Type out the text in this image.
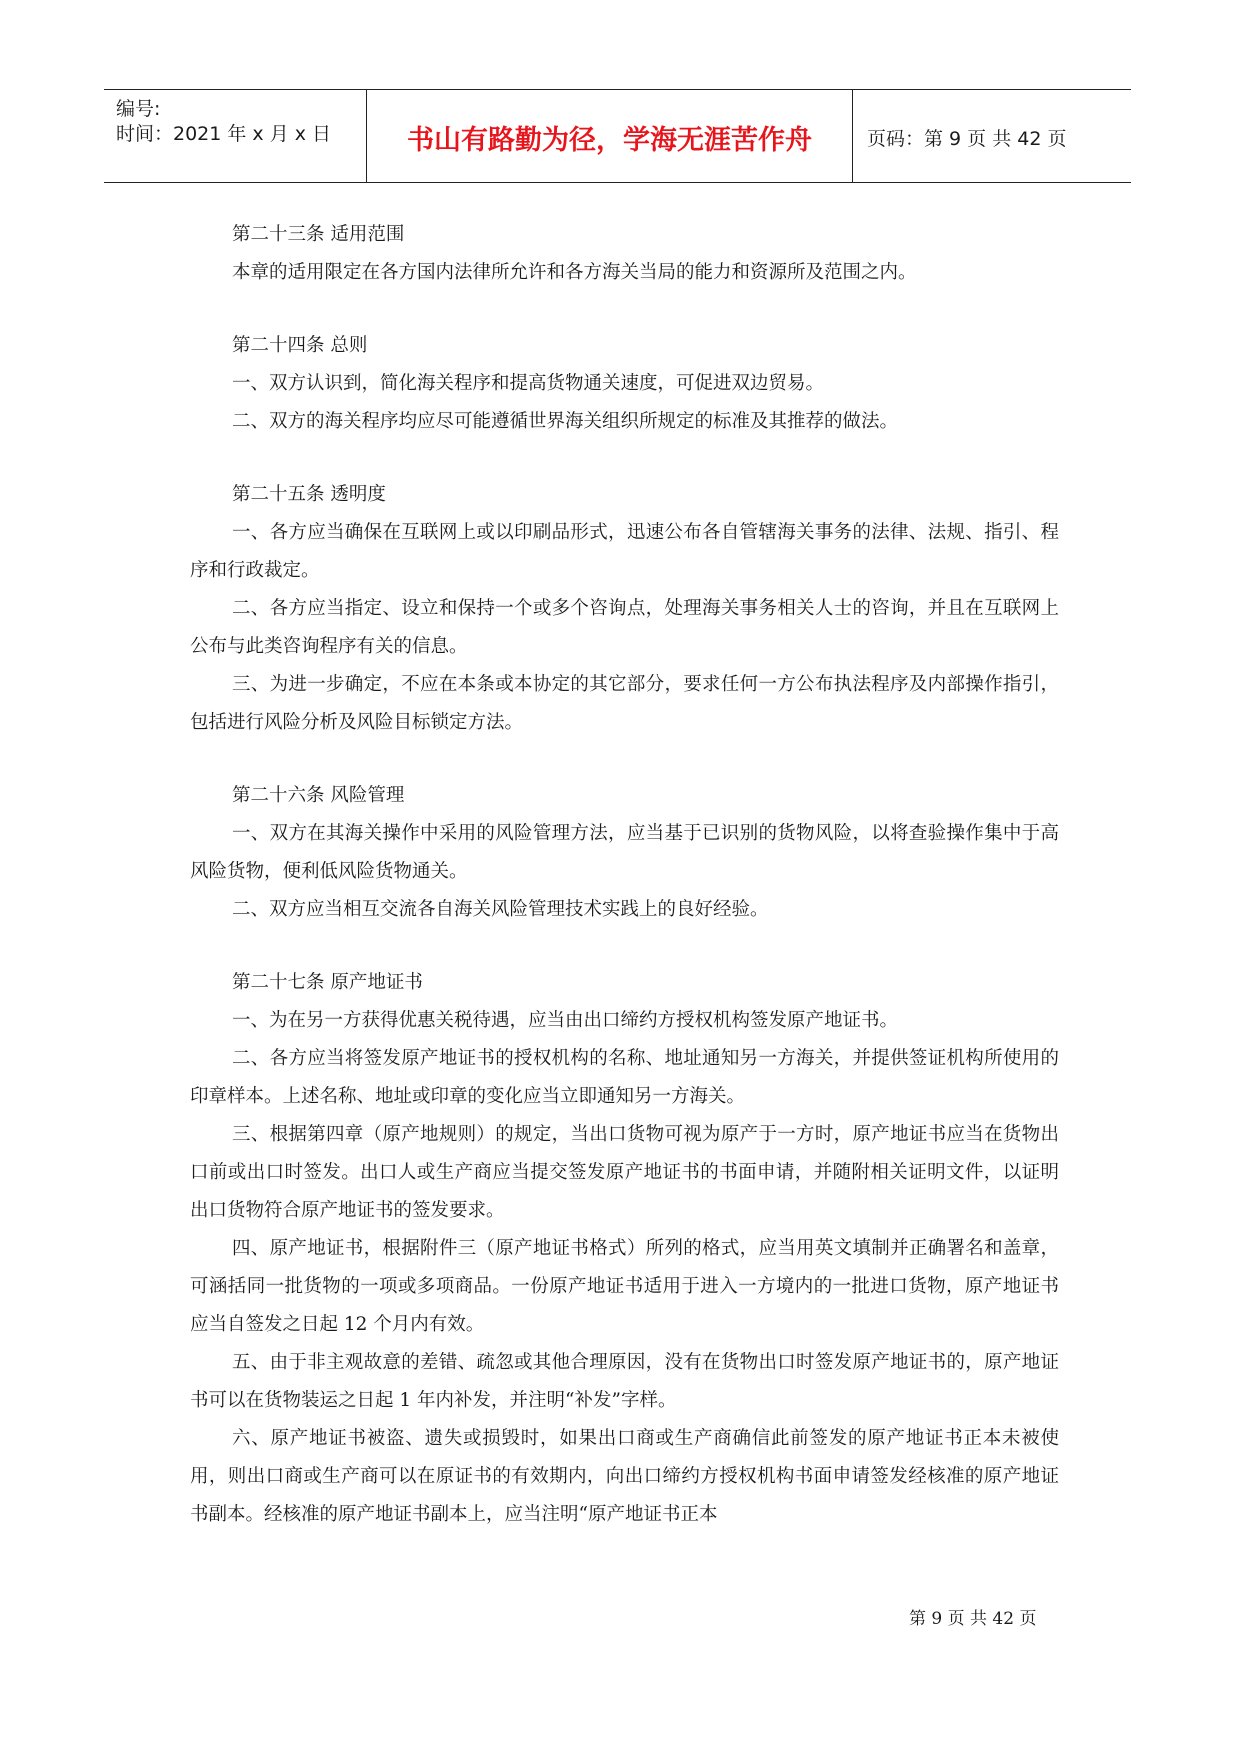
编号:
时间：2021 年 x 月 x 日	书山有路勤为径，学海无涯苦作舟	页码：第 9 页 共 42 页
第二十三条 适用范围
本章的适用限定在各方国内法律所允许和各方海关当局的能力和资源所及范围之内。
第二十四条 总则
一、双方认识到，简化海关程序和提高货物通关速度，可促进双边贸易。
二、双方的海关程序均应尽可能遵循世界海关组织所规定的标准及其推荐的做法。
第二十五条 透明度
一、各方应当确保在互联网上或以印刷品形式，迅速公布各自管辖海关事务的法律、法规、指引、程序和行政裁定。
二、各方应当指定、设立和保持一个或多个咨询点，处理海关事务相关人士的咨询，并且在互联网上公布与此类咨询程序有关的信息。
三、为进一步确定，不应在本条或本协定的其它部分，要求任何一方公布执法程序及内部操作指引，包括进行风险分析及风险目标锁定方法。
第二十六条 风险管理
一、双方在其海关操作中采用的风险管理方法，应当基于已识别的货物风险，以将查验操作集中于高风险货物，便利低风险货物通关。
二、双方应当相互交流各自海关风险管理技术实践上的良好经验。
第二十七条 原产地证书
一、为在另一方获得优惠关税待遇，应当由出口缔约方授权机构签发原产地证书。
二、各方应当将签发原产地证书的授权机构的名称、地址通知另一方海关，并提供签证机构所使用的印章样本。上述名称、地址或印章的变化应当立即通知另一方海关。
三、根据第四章（原产地规则）的规定，当出口货物可视为原产于一方时，原产地证书应当在货物出口前或出口时签发。出口人或生产商应当提交签发原产地证书的书面申请，并随附相关证明文件，以证明出口货物符合原产地证书的签发要求。
四、原产地证书，根据附件三（原产地证书格式）所列的格式，应当用英文填制并正确署名和盖章，可涵括同一批货物的一项或多项商品。一份原产地证书适用于进入一方境内的一批进口货物，原产地证书应当自签发之日起 12 个月内有效。
五、由于非主观故意的差错、疏忽或其他合理原因，没有在货物出口时签发原产地证书的，原产地证书可以在货物装运之日起 1 年内补发，并注明“补发”字样。
六、原产地证书被盗、遗失或损毁时，如果出口商或生产商确信此前签发的原产地证书正本未被使用，则出口商或生产商可以在原证书的有效期内，向出口缔约方授权机构书面申请签发经核准的原产地证书副本。经核准的原产地证书副本上，应当注明“原产地证书正本
第 9 页 共 42 页
